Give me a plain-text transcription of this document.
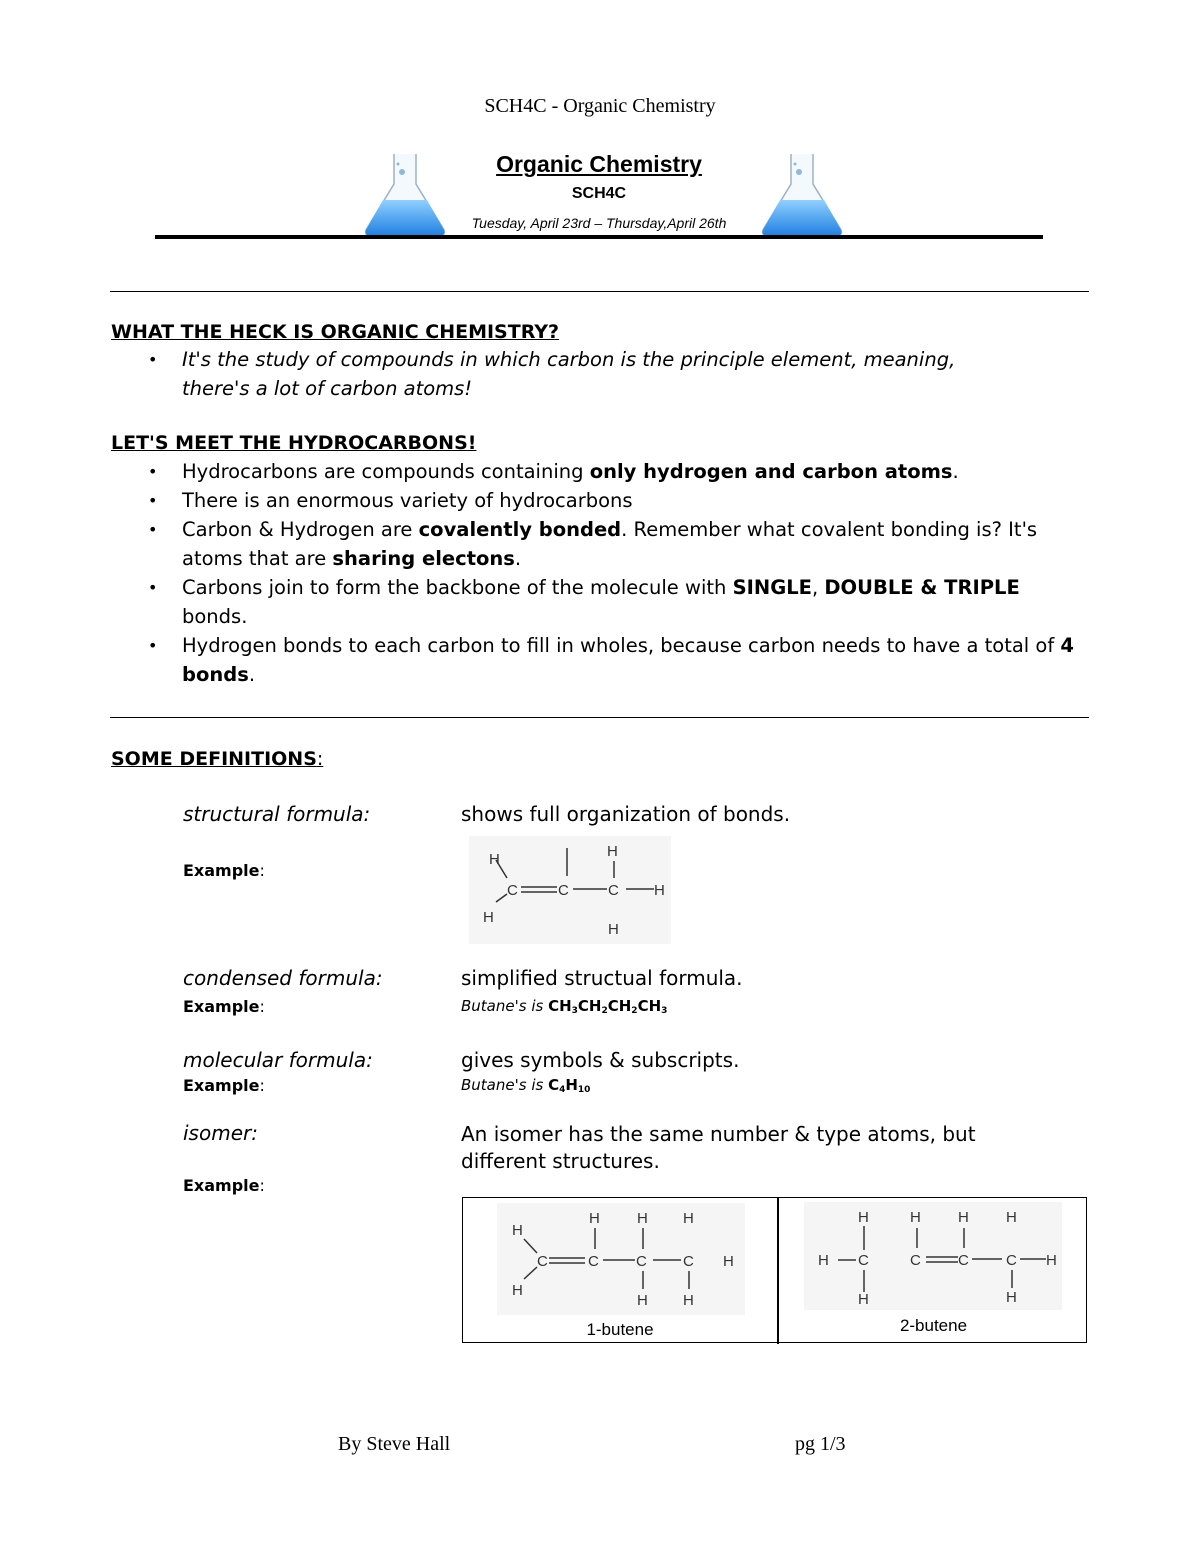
SCH4C - Organic Chemistry
Organic Chemistry
SCH4C
Tuesday, April 23rd – Thursday,April 26th
WHAT THE HECK IS ORGANIC CHEMISTRY?
• It's the study of compounds in which carbon is the principle element, meaning,
there's a lot of carbon atoms!
LET'S MEET THE HYDROCARBONS!
• Hydrocarbons are compounds containing only hydrogen and carbon atoms.
• There is an enormous variety of hydrocarbons
• Carbon & Hydrogen are covalently bonded. Remember what covalent bonding is? It's atoms that are sharing electons.
• Carbons join to form the backbone of the molecule with SINGLE, DOUBLE & TRIPLE bonds.
• Hydrogen bonds to each carbon to fill in wholes, because carbon needs to have a total of 4 bonds.
SOME DEFINITIONS:
structural formula:	shows full organization of bonds.
Example:
H
C	C	C
H
H
H
H
condensed formula:	simplified structual formula.
Example:	Butane's is $CH_3CH_2CH_2CH_3$
molecular formula:	gives symbols & subscripts.
Example:	Butane's is $C_4H_{10}$
isomer:	An isomer has the same number & type atoms, but
different structures.
Example:
H
H
C	C C C
H H H
H
H H
1-butene
H
H C
H
H H H
C C C H
H
2-butene
By Steve Hall	pg 1/3
